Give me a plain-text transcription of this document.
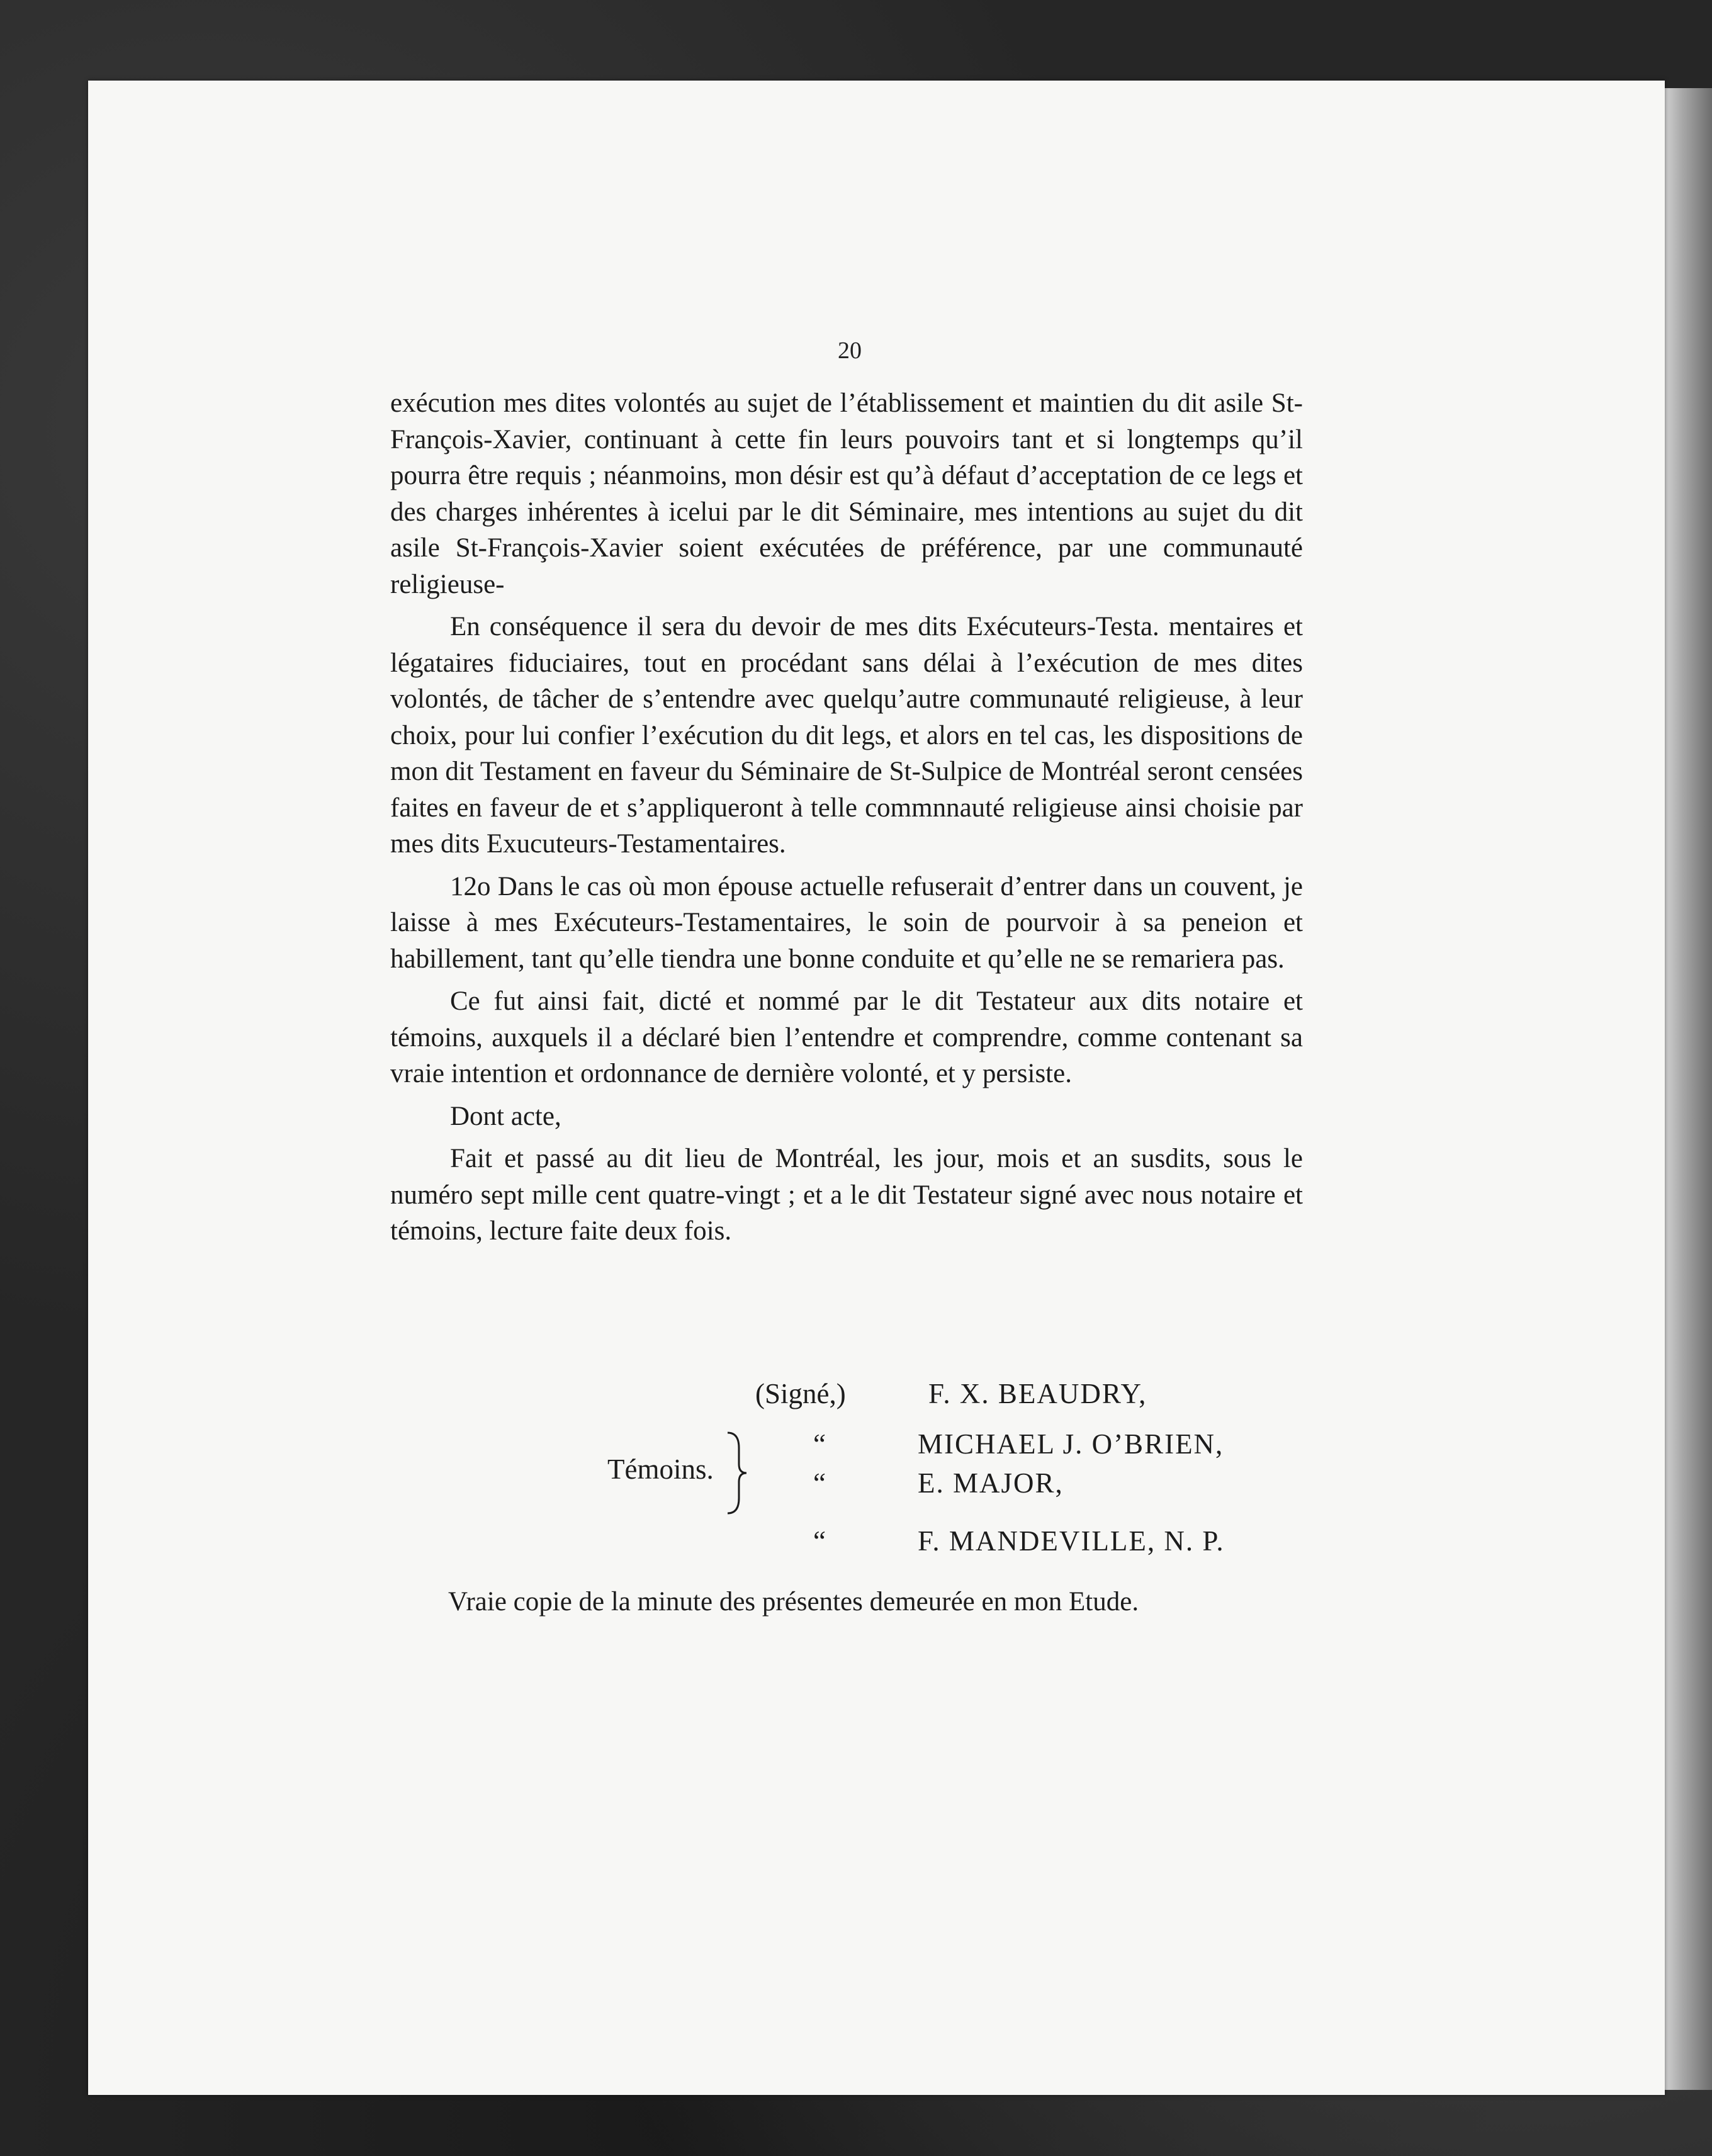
20

exécution mes dites volontés au sujet de l’établissement et maintien du dit asile St-François-Xavier, continuant à cette fin leurs pouvoirs tant et si longtemps qu’il pourra être requis ; néanmoins, mon désir est qu’à défaut d’acceptation de ce legs et des charges inhérentes à icelui par le dit Séminaire, mes intentions au sujet du dit asile St-François-Xavier soient exécutées de préférence, par une communauté religieuse-

En conséquence il sera du devoir de mes dits Exécuteurs-Testa. mentaires et légataires fiduciaires, tout en procédant sans délai à l’exécution de mes dites volontés, de tâcher de s’entendre avec quelqu’autre communauté religieuse, à leur choix, pour lui confier l’exécution du dit legs, et alors en tel cas, les dispositions de mon dit Testament en faveur du Séminaire de St-Sulpice de Montréal seront censées faites en faveur de et s’appliqueront à telle commnnauté religieuse ainsi choisie par mes dits Exucuteurs-Testamentaires.

12o Dans le cas où mon épouse actuelle refuserait d’entrer dans un couvent, je laisse à mes Exécuteurs-Testamentaires, le soin de pourvoir à sa peneion et habillement, tant qu’elle tiendra une bonne conduite et qu’elle ne se remariera pas.

Ce fut ainsi fait, dicté et nommé par le dit Testateur aux dits notaire et témoins, auxquels il a déclaré bien l’entendre et comprendre, comme contenant sa vraie intention et ordonnance de dernière volonté, et y persiste.

Dont acte,

Fait et passé au dit lieu de Montréal, les jour, mois et an susdits, sous le numéro sept mille cent quatre-vingt ; et a le dit Testateur signé avec nous notaire et témoins, lecture faite deux fois.

(Signé,)	F. X. BEAUDRY,
Témoins.
“	MICHAEL J. O’BRIEN,
“	E. MAJOR,
“	F. MANDEVILLE, N. P.
Vraie copie de la minute des présentes demeurée en mon Etude.
